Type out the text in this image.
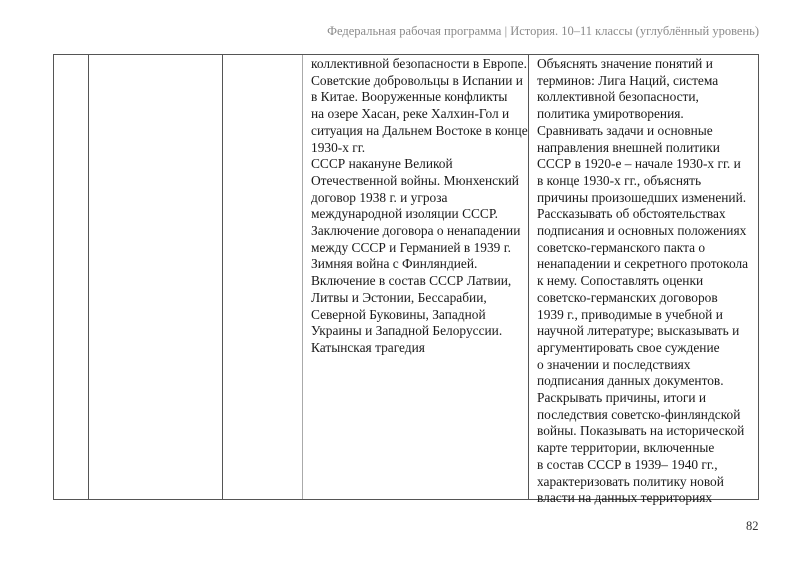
Федеральная рабочая программа | История. 10–11 классы (углублённый уровень)
коллективной безопасности в Европе.
Советские добровольцы в Испании и
в Китае. Вооруженные конфликты
на озере Хасан, реке Халхин-Гол и
ситуация на Дальнем Востоке в конце
1930-х гг.
СССР накануне Великой
Отечественной войны. Мюнхенский
договор 1938 г. и угроза
международной изоляции СССР.
Заключение договора о ненападении
между СССР и Германией в 1939 г.
Зимняя война с Финляндией.
Включение в состав СССР Латвии,
Литвы и Эстонии, Бессарабии,
Северной Буковины, Западной
Украины и Западной Белоруссии.
Катынская трагедия
Объяснять значение понятий и
терминов: Лига Наций, система
коллективной безопасности,
политика умиротворения.
Сравнивать задачи и основные
направления внешней политики
СССР в 1920-е – начале 1930-х гг. и
в конце 1930-х гг., объяснять
причины произошедших изменений.
Рассказывать об обстоятельствах
подписания и основных положениях
советско-германского пакта о
ненападении и секретного протокола
к нему. Сопоставлять оценки
советско-германских договоров
1939 г., приводимые в учебной и
научной литературе; высказывать и
аргументировать свое суждение
о значении и последствиях
подписания данных документов.
Раскрывать причины, итоги и
последствия советско-финляндской
войны. Показывать на исторической
карте территории, включенные
в состав СССР в 1939– 1940 гг.,
характеризовать политику новой
власти на данных территориях
82
